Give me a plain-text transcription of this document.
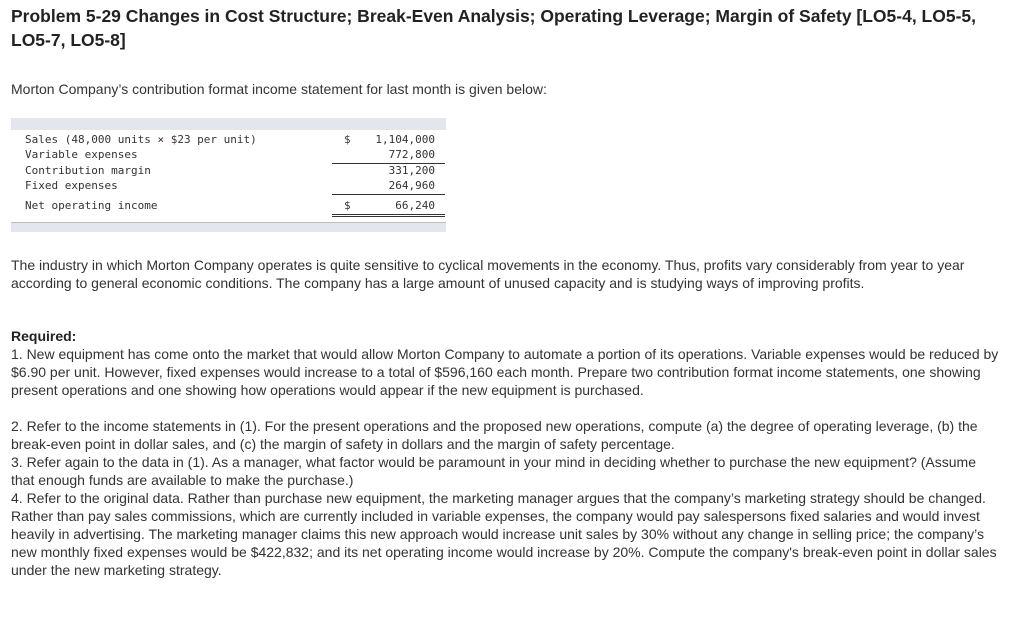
Problem 5-29 Changes in Cost Structure; Break-Even Analysis; Operating Leverage; Margin of Safety [LO5-4, LO5-5, LO5-7, LO5-8]
Morton Company’s contribution format income statement for last month is given below:
Sales (48,000 units × $23 per unit)	$ 1,104,000
Variable expenses	772,800
Contribution margin	331,200
Fixed expenses	264,960
Net operating income	$	66,240
The industry in which Morton Company operates is quite sensitive to cyclical movements in the economy. Thus, profits vary considerably from year to year according to general economic conditions. The company has a large amount of unused capacity and is studying ways of improving profits.
Required:
1. New equipment has come onto the market that would allow Morton Company to automate a portion of its operations. Variable expenses would be reduced by $6.90 per unit. However, fixed expenses would increase to a total of $596,160 each month. Prepare two contribution format income statements, one showing present operations and one showing how operations would appear if the new equipment is purchased.
2. Refer to the income statements in (1). For the present operations and the proposed new operations, compute (a) the degree of operating leverage, (b) the break-even point in dollar sales, and (c) the margin of safety in dollars and the margin of safety percentage.
3. Refer again to the data in (1). As a manager, what factor would be paramount in your mind in deciding whether to purchase the new equipment? (Assume that enough funds are available to make the purchase.)
4. Refer to the original data. Rather than purchase new equipment, the marketing manager argues that the company’s marketing strategy should be changed. Rather than pay sales commissions, which are currently included in variable expenses, the company would pay salespersons fixed salaries and would invest heavily in advertising. The marketing manager claims this new approach would increase unit sales by 30% without any change in selling price; the company’s new monthly fixed expenses would be $422,832; and its net operating income would increase by 20%. Compute the company's break-even point in dollar sales under the new marketing strategy.
